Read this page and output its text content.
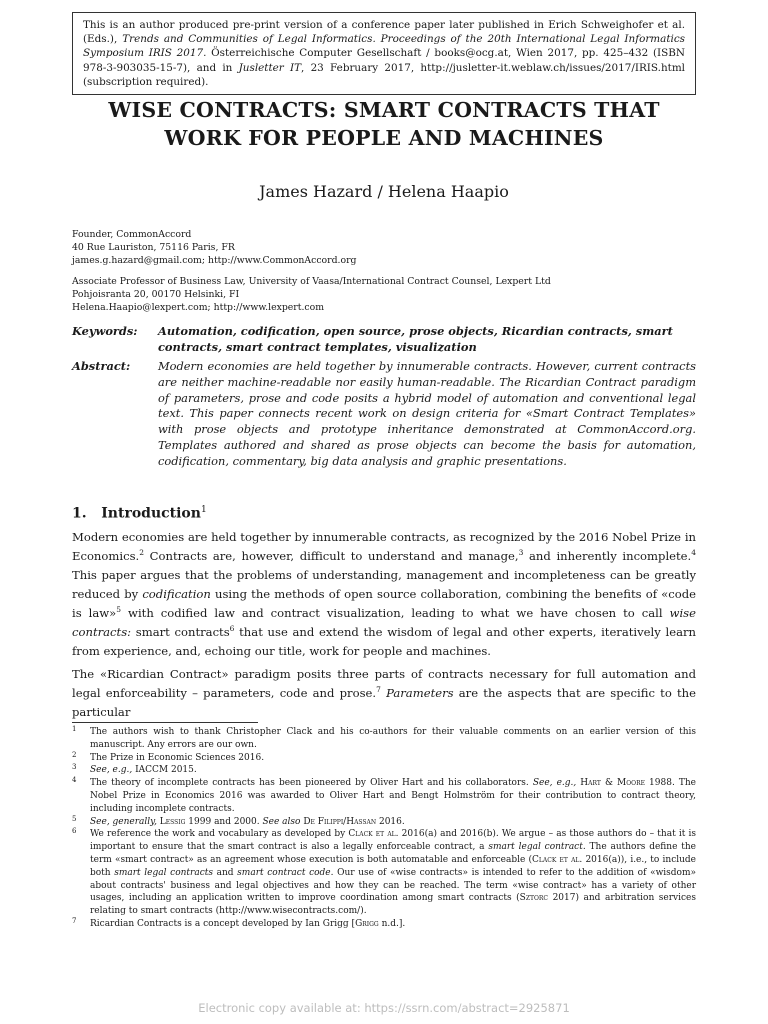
This is an author produced pre-print version of a conference paper later published in Erich Schweighofer et al. (Eds.), Trends and Communities of Legal Informatics. Proceedings of the 20th International Legal Informatics Symposium IRIS 2017. Österreichische Computer Gesellschaft / books@ocg.at, Wien 2017, pp. 425–432 (ISBN 978-3-903035-15-7), and in Jusletter IT, 23 February 2017, http://jusletter-it.weblaw.ch/issues/2017/IRIS.html (subscription required).
WISE CONTRACTS: SMART CONTRACTS THAT
WORK FOR PEOPLE AND MACHINES
James Hazard / Helena Haapio
Founder, CommonAccord
40 Rue Lauriston, 75116 Paris, FR
james.g.hazard@gmail.com; http://www.CommonAccord.org
Associate Professor of Business Law, University of Vaasa/International Contract Counsel, Lexpert Ltd
Pohjoisranta 20, 00170 Helsinki, FI
Helena.Haapio@lexpert.com; http://www.lexpert.com
Keywords: Automation, codification, open source, prose objects, Ricardian contracts, smart contracts, smart contract templates, visualization
Abstract: Modern economies are held together by innumerable contracts. However, current contracts are neither machine-readable nor easily human-readable. The Ricardian Contract paradigm of parameters, prose and code posits a hybrid model of automation and conventional legal text. This paper connects recent work on design criteria for «Smart Contract Templates» with prose objects and prototype inheritance demonstrated at CommonAccord.org. Templates authored and shared as prose objects can become the basis for automation, codification, commentary, big data analysis and graphic presentations.
1. Introduction$^1$

Modern economies are held together by innumerable contracts, as recognized by the 2016 Nobel Prize in Economics.$^2$ Contracts are, however, difficult to understand and manage,$^3$ and inherently incomplete.$^4$ This paper argues that the problems of understanding, management and incompleteness can be greatly reduced by codification using the methods of open source collaboration, combining the benefits of «code is law»$^5$ with codified law and contract visualization, leading to what we have chosen to call wise contracts: smart contracts$^6$ that use and extend the wisdom of legal and other experts, iteratively learn from experience, and, echoing our title, work for people and machines.

The «Ricardian Contract» paradigm posits three parts of contracts necessary for full automation and legal enforceability – parameters, code and prose.$^7$ Parameters are the aspects that are specific to the particular

1 The authors wish to thank Christopher Clack and his co-authors for their valuable comments on an earlier version of this manuscript. Any errors are our own.
2 The Prize in Economic Sciences 2016.
3 See, e.g., IACCM 2015.
4 The theory of incomplete contracts has been pioneered by Oliver Hart and his collaborators. See, e.g., Hart & Moore 1988. The Nobel Prize in Economics 2016 was awarded to Oliver Hart and Bengt Holmström for their contribution to contract theory, including incomplete contracts.
5 See, generally, Lessig 1999 and 2000. See also De Filippi/Hassan 2016.
6 We reference the work and vocabulary as developed by Clack et al. 2016(a) and 2016(b). We argue – as those authors do – that it is important to ensure that the smart contract is also a legally enforceable contract, a smart legal contract. The authors define the term «smart contract» as an agreement whose execution is both automatable and enforceable (Clack et al. 2016(a)), i.e., to include both smart legal contracts and smart contract code. Our use of «wise contracts» is intended to refer to the addition of «wisdom» about contracts' business and legal objectives and how they can be reached. The term «wise contract» has a variety of other usages, including an application written to improve coordination among smart contracts (Sztorc 2017) and arbitration services relating to smart contracts (http://www.wisecontracts.com/).
7 Ricardian Contracts is a concept developed by Ian Grigg [Grigg n.d.].
Electronic copy available at: https://ssrn.com/abstract=2925871
